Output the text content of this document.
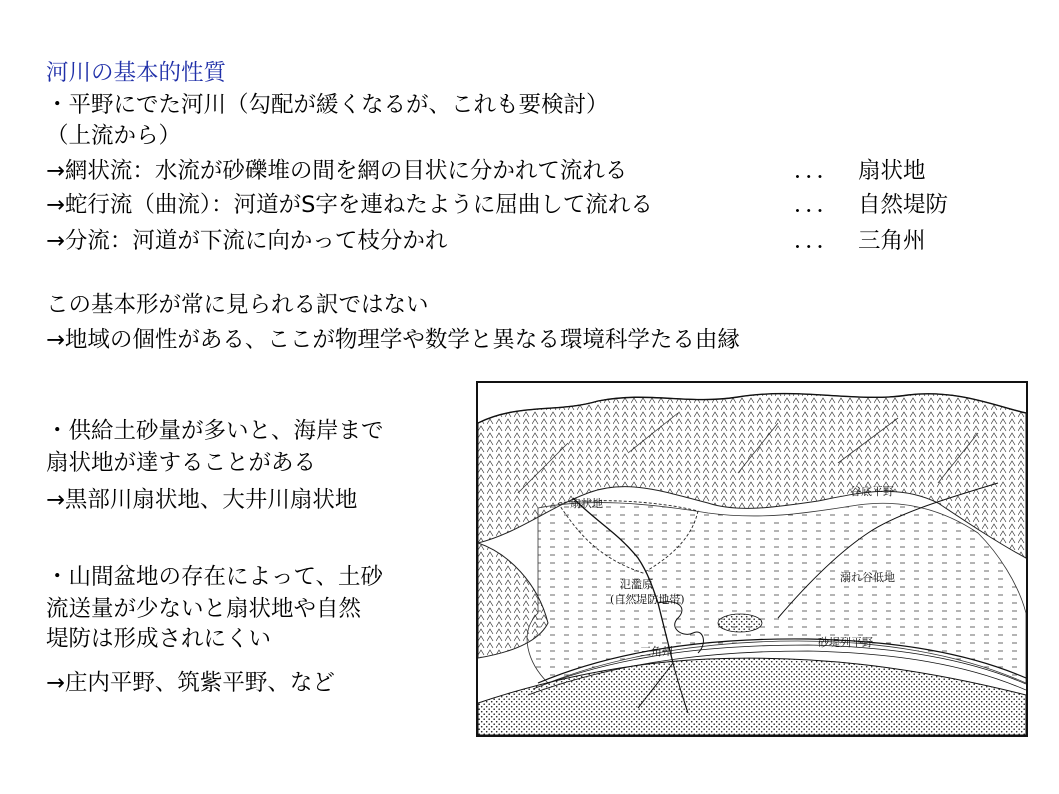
河川の基本的性質
・平野にでた河川（勾配が緩くなるが、これも要検討）
（上流から）
→網状流：水流が砂礫堆の間を網の目状に分かれて流れる	．．． 扇状地
→蛇行流（曲流）：河道がS字を連ねたように屈曲して流れる	．．． 自然堤防
→分流：河道が下流に向かって枝分かれ	．．． 三角州
この基本形が常に見られる訳ではない
→地域の個性がある、ここが物理学や数学と異なる環境科学たる由縁
・供給土砂量が多いと、海岸まで
扇状地が達することがある
→黒部川扇状地、大井川扇状地
・山間盆地の存在によって、土砂
流送量が少ないと扇状地や自然
堤防は形成されにくい
→庄内平野、筑紫平野、など
扇状地
谷底平野
氾濫原
(自然堤防地帯)
溺れ谷低地
三角州
砂堤列平野
